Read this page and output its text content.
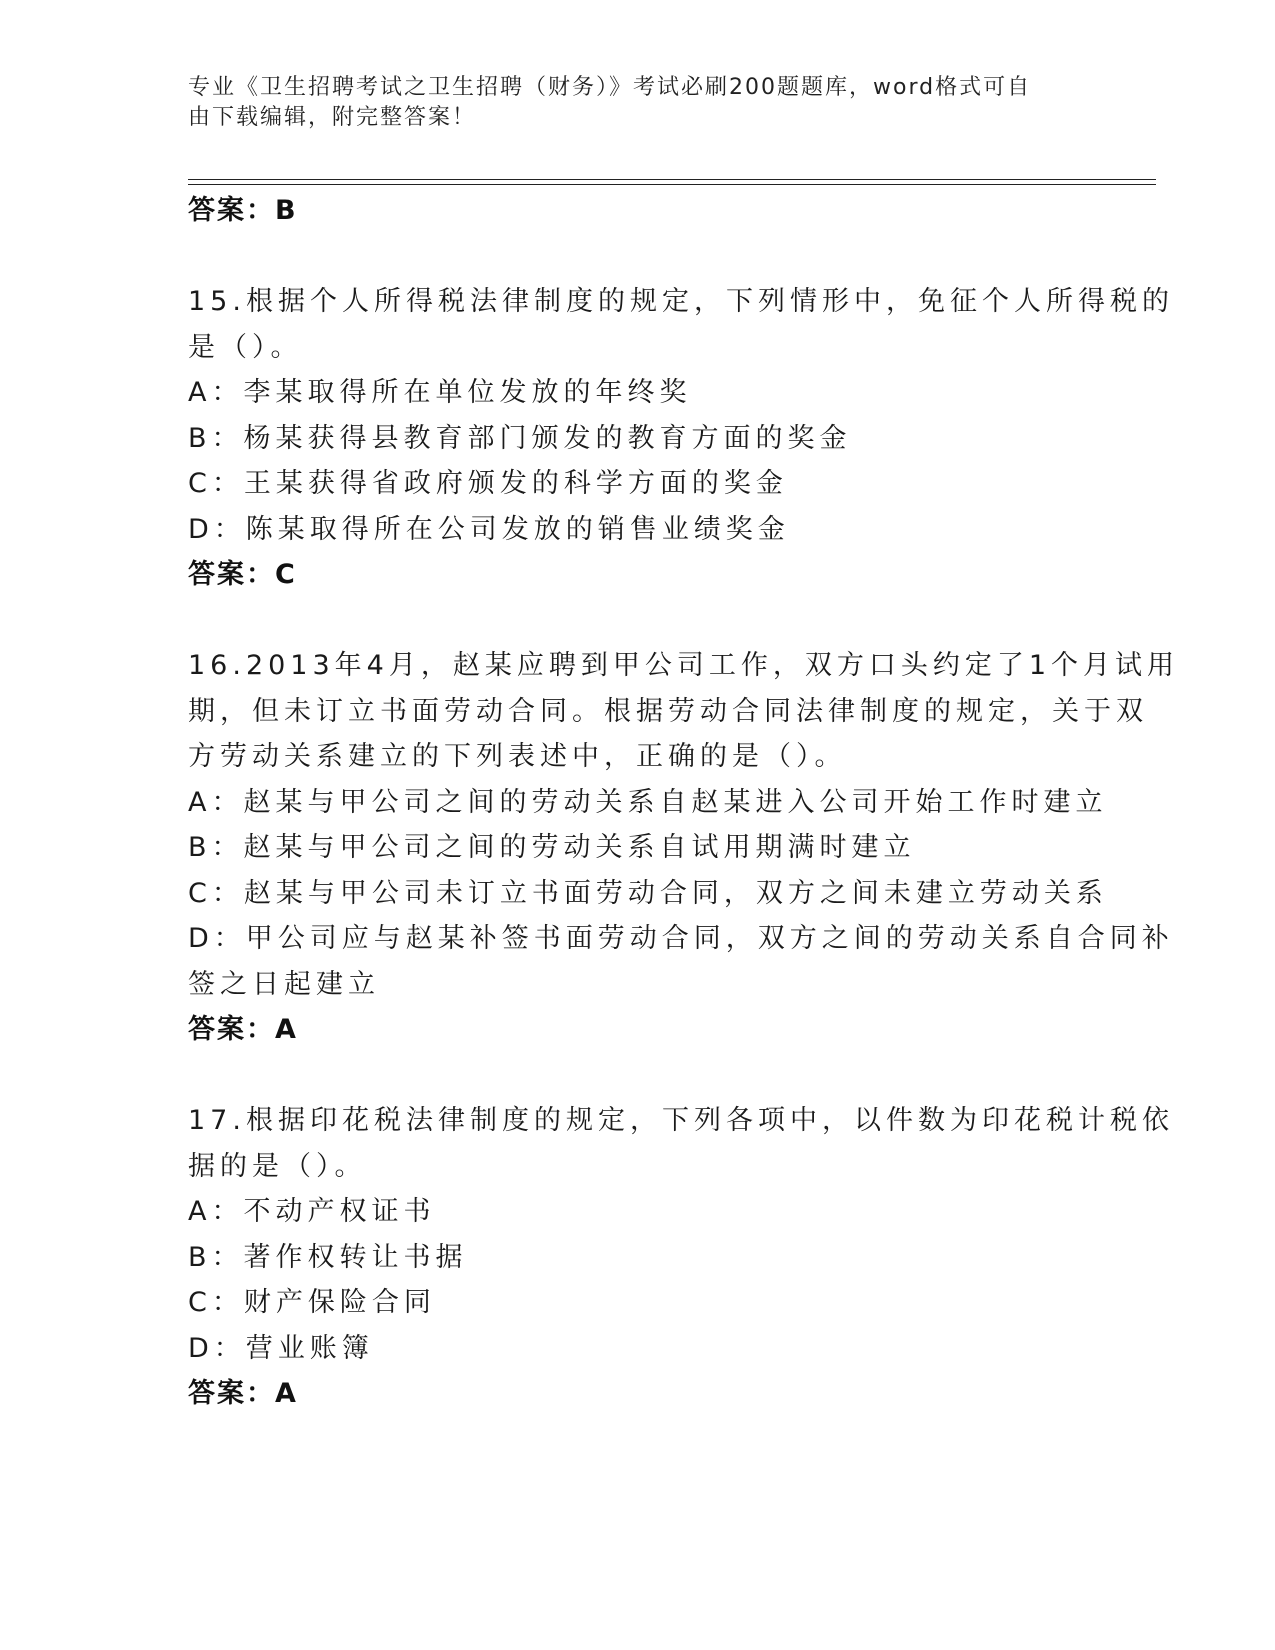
专业《卫生招聘考试之卫生招聘（财务）》考试必刷200题题库，word格式可自
由下载编辑，附完整答案！
答案：B
15.根据个人所得税法律制度的规定，下列情形中，免征个人所得税的
是（）。
A：李某取得所在单位发放的年终奖
B：杨某获得县教育部门颁发的教育方面的奖金
C：王某获得省政府颁发的科学方面的奖金
D：陈某取得所在公司发放的销售业绩奖金
答案：C
16.2013年4月，赵某应聘到甲公司工作，双方口头约定了1个月试用
期，但未订立书面劳动合同。根据劳动合同法律制度的规定，关于双
方劳动关系建立的下列表述中，正确的是（）。
A：赵某与甲公司之间的劳动关系自赵某进入公司开始工作时建立
B：赵某与甲公司之间的劳动关系自试用期满时建立
C：赵某与甲公司未订立书面劳动合同，双方之间未建立劳动关系
D：甲公司应与赵某补签书面劳动合同，双方之间的劳动关系自合同补
签之日起建立
答案：A
17.根据印花税法律制度的规定，下列各项中，以件数为印花税计税依
据的是（）。
A：不动产权证书
B：著作权转让书据
C：财产保险合同
D：营业账簿
答案：A
